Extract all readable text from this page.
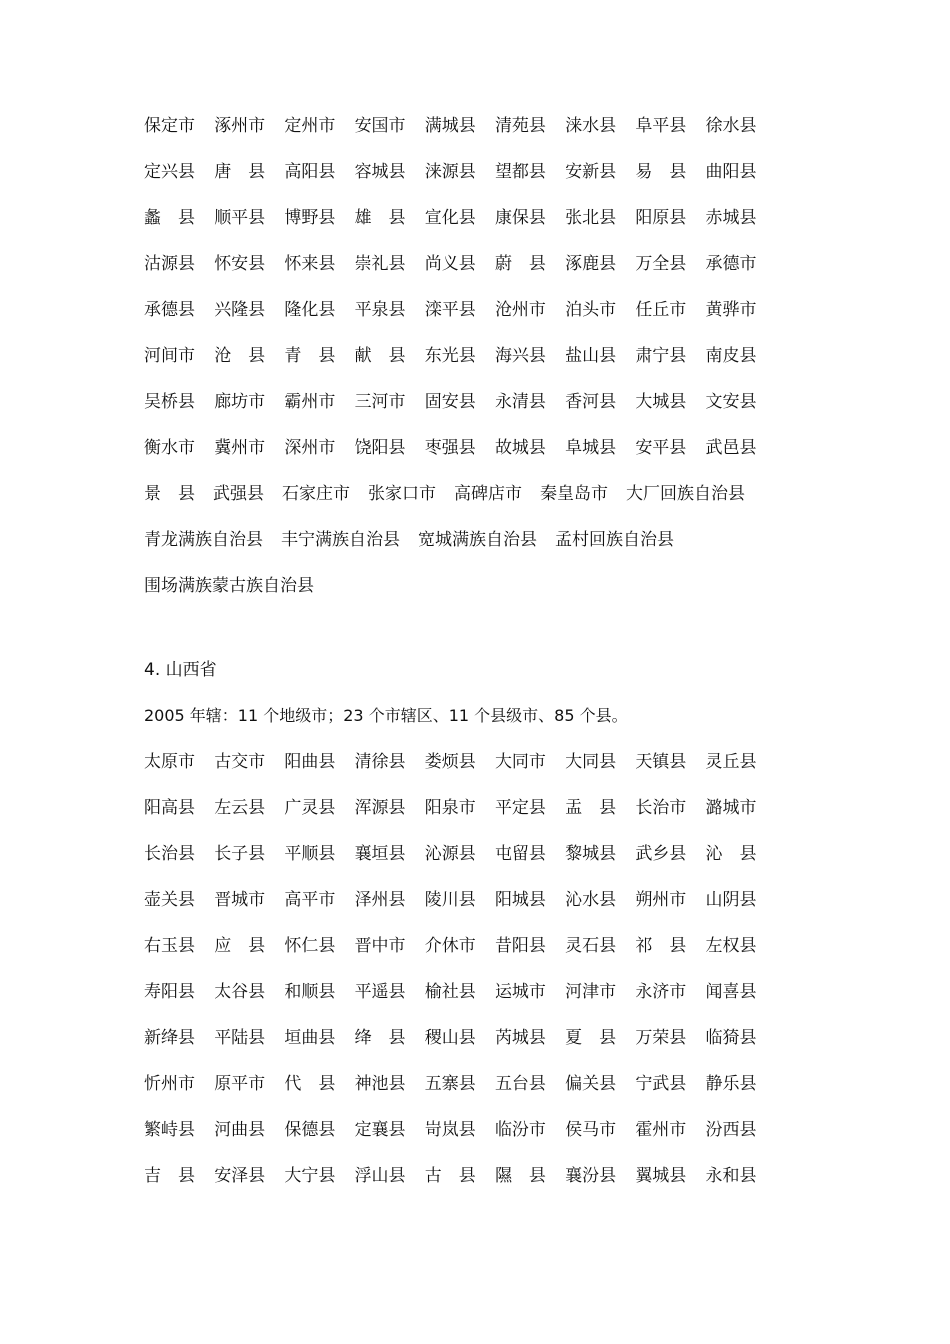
保定市	涿州市	定州市	安国市	满城县	清苑县	涞水县	阜平县	徐水县
定兴县	唐　县	高阳县	容城县	涞源县	望都县	安新县	易　县	曲阳县
蠡　县	顺平县	博野县	雄　县	宣化县	康保县	张北县	阳原县	赤城县
沽源县	怀安县	怀来县	崇礼县	尚义县	蔚　县	涿鹿县	万全县	承德市
承德县	兴隆县	隆化县	平泉县	滦平县	沧州市	泊头市	任丘市	黄骅市
河间市	沧　县	青　县	献　县	东光县	海兴县	盐山县	肃宁县	南皮县
吴桥县	廊坊市	霸州市	三河市	固安县	永清县	香河县	大城县	文安县
衡水市	冀州市	深州市	饶阳县	枣强县	故城县	阜城县	安平县	武邑县
景　县 武强县 石家庄市 张家口市 高碑店市 秦皇岛市 大厂回族自治县
青龙满族自治县 丰宁满族自治县 宽城满族自治县 孟村回族自治县
围场满族蒙古族自治县
4. 山西省
2005 年辖：11 个地级市；23 个市辖区、11 个县级市、85 个县。
太原市	古交市	阳曲县	清徐县	娄烦县	大同市	大同县	天镇县	灵丘县
阳高县	左云县	广灵县	浑源县	阳泉市	平定县	盂　县	长治市	潞城市
长治县	长子县	平顺县	襄垣县	沁源县	屯留县	黎城县	武乡县	沁　县
壶关县	晋城市	高平市	泽州县	陵川县	阳城县	沁水县	朔州市	山阴县
右玉县	应　县	怀仁县	晋中市	介休市	昔阳县	灵石县	祁　县	左权县
寿阳县	太谷县	和顺县	平遥县	榆社县	运城市	河津市	永济市	闻喜县
新绛县	平陆县	垣曲县	绛　县	稷山县	芮城县	夏　县	万荣县	临猗县
忻州市	原平市	代　县	神池县	五寨县	五台县	偏关县	宁武县	静乐县
繁峙县	河曲县	保德县	定襄县	岢岚县	临汾市	侯马市	霍州市	汾西县
吉　县	安泽县	大宁县	浮山县	古　县	隰　县	襄汾县	翼城县	永和县
